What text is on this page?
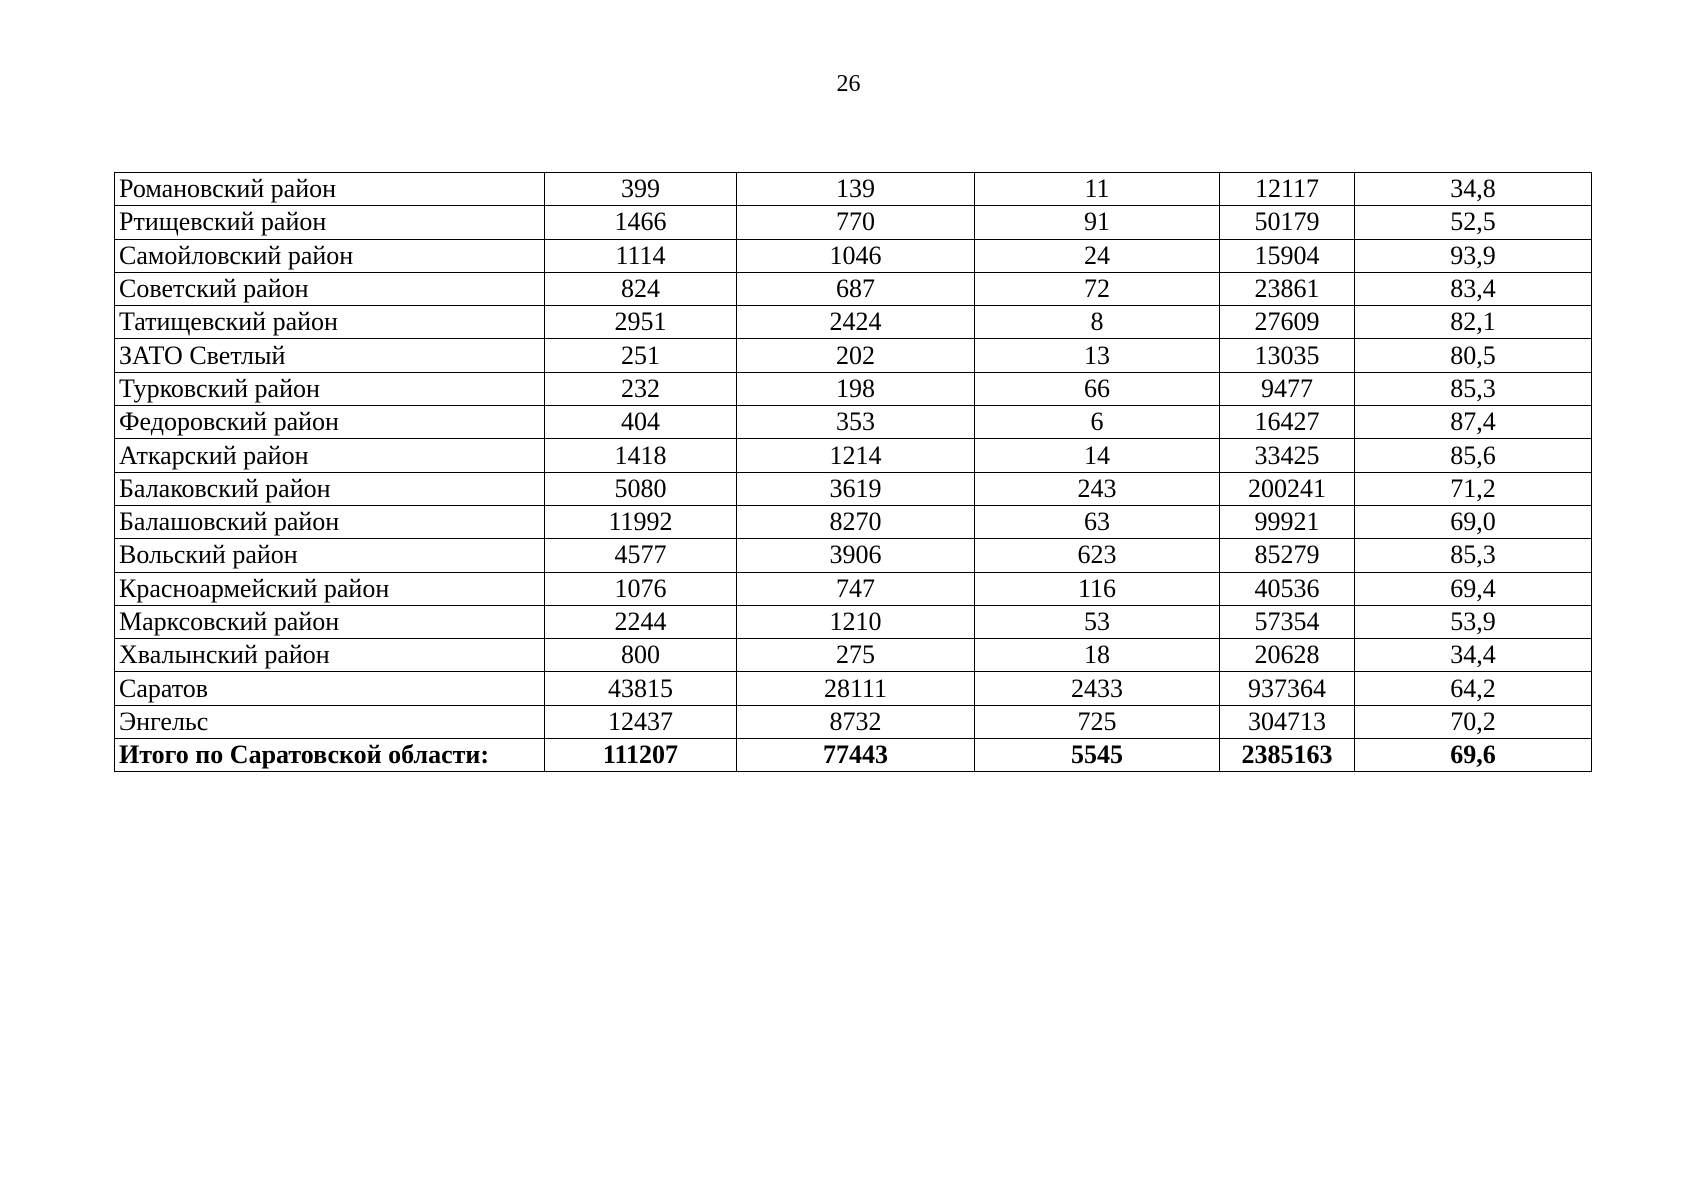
26
Романовский район	399	139	11	12117	34,8
Ртищевский район	1466	770	91	50179	52,5
Самойловский район	1114	1046	24	15904	93,9
Советский район	824	687	72	23861	83,4
Татищевский район	2951	2424	8	27609	82,1
ЗАТО Светлый	251	202	13	13035	80,5
Турковский район	232	198	66	9477	85,3
Федоровский район	404	353	6	16427	87,4
Аткарский район	1418	1214	14	33425	85,6
Балаковский район	5080	3619	243	200241	71,2
Балашовский район	11992	8270	63	99921	69,0
Вольский район	4577	3906	623	85279	85,3
Красноармейский район	1076	747	116	40536	69,4
Марксовский район	2244	1210	53	57354	53,9
Хвалынский район	800	275	18	20628	34,4
Саратов	43815	28111	2433	937364	64,2
Энгельс	12437	8732	725	304713	70,2
Итого по Саратовской области:	111207	77443	5545	2385163	69,6
